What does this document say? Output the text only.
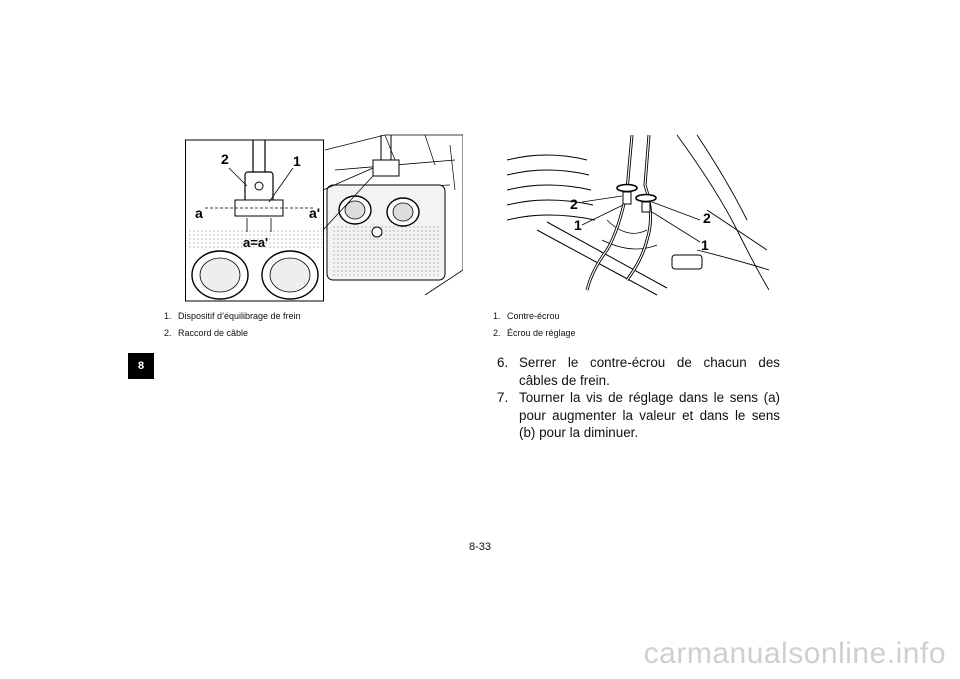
8
2	1
a	a'
a=a'
1. Dispositif d’équilibrage de frein
2. Raccord de câble
2
1	2
1
1. Contre-écrou
2. Écrou de réglage
6. Serrer le contre-écrou de chacun des câbles de frein.
7. Tourner la vis de réglage dans le sens (a) pour augmenter la valeur et dans le sens (b) pour la diminuer.
8-33
carmanualsonline.info
